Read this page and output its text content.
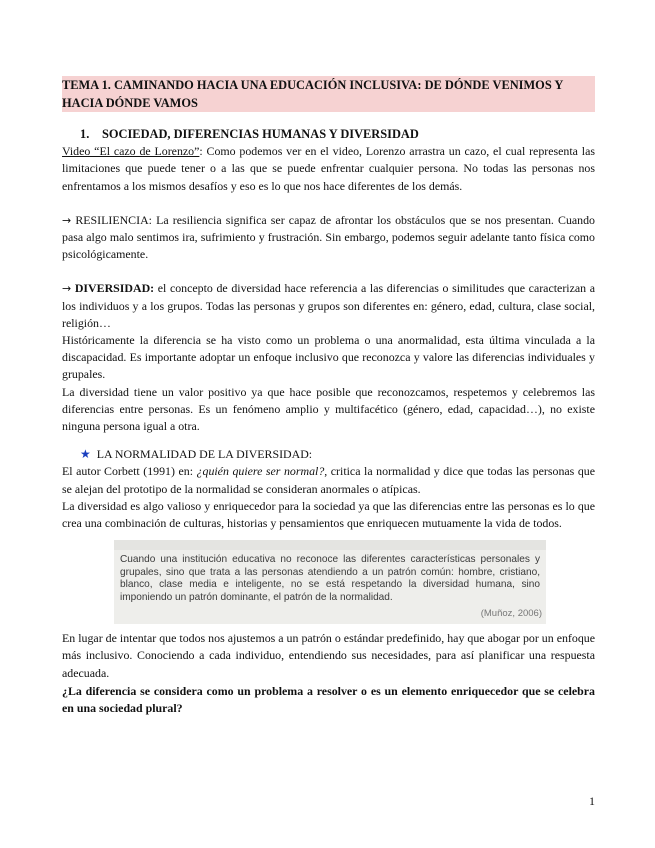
TEMA 1. CAMINANDO HACIA UNA EDUCACIÓN INCLUSIVA: DE DÓNDE VENIMOS Y
HACIA DÓNDE VAMOS
1. SOCIEDAD, DIFERENCIAS HUMANAS Y DIVERSIDAD

Video “El cazo de Lorenzo”: Como podemos ver en el video, Lorenzo arrastra un cazo, el cual representa las limitaciones que puede tener o a las que se puede enfrentar cualquier persona. No todas las personas nos enfrentamos a los mismos desafíos y eso es lo que nos hace diferentes de los demás.

→ RESILIENCIA: La resiliencia significa ser capaz de afrontar los obstáculos que se nos presentan. Cuando pasa algo malo sentimos ira, sufrimiento y frustración. Sin embargo, podemos seguir adelante tanto física como psicológicamente.

→ DIVERSIDAD: el concepto de diversidad hace referencia a las diferencias o similitudes que caracterizan a los individuos y a los grupos. Todas las personas y grupos son diferentes en: género, edad, cultura, clase social, religión…

Históricamente la diferencia se ha visto como un problema o una anormalidad, esta última vinculada a la discapacidad. Es importante adoptar un enfoque inclusivo que reconozca y valore las diferencias individuales y grupales.

La diversidad tiene un valor positivo ya que hace posible que reconozcamos, respetemos y celebremos las diferencias entre personas. Es un fenómeno amplio y multifacético (género, edad, capacidad…), no existe ninguna persona igual a otra.

★ LA NORMALIDAD DE LA DIVERSIDAD:

El autor Corbett (1991) en: ¿quién quiere ser normal?, critica la normalidad y dice que todas las personas que se alejan del prototipo de la normalidad se consideran anormales o atípicas.

La diversidad es algo valioso y enriquecedor para la sociedad ya que las diferencias entre las personas es lo que crea una combinación de culturas, historias y pensamientos que enriquecen mutuamente la vida de todos.

Cuando una institución educativa no reconoce las diferentes características personales y grupales, sino que trata a las personas atendiendo a un patrón común: hombre, cristiano, blanco, clase media e inteligente, no se está respetando la diversidad humana, sino imponiendo un patrón dominante, el patrón de la normalidad.
(Muñoz, 2006)

En lugar de intentar que todos nos ajustemos a un patrón o estándar predefinido, hay que abogar por un enfoque más inclusivo. Conociendo a cada individuo, entendiendo sus necesidades, para así planificar una respuesta adecuada.

¿La diferencia se considera como un problema a resolver o es un elemento enriquecedor que se celebra en una sociedad plural?

1
